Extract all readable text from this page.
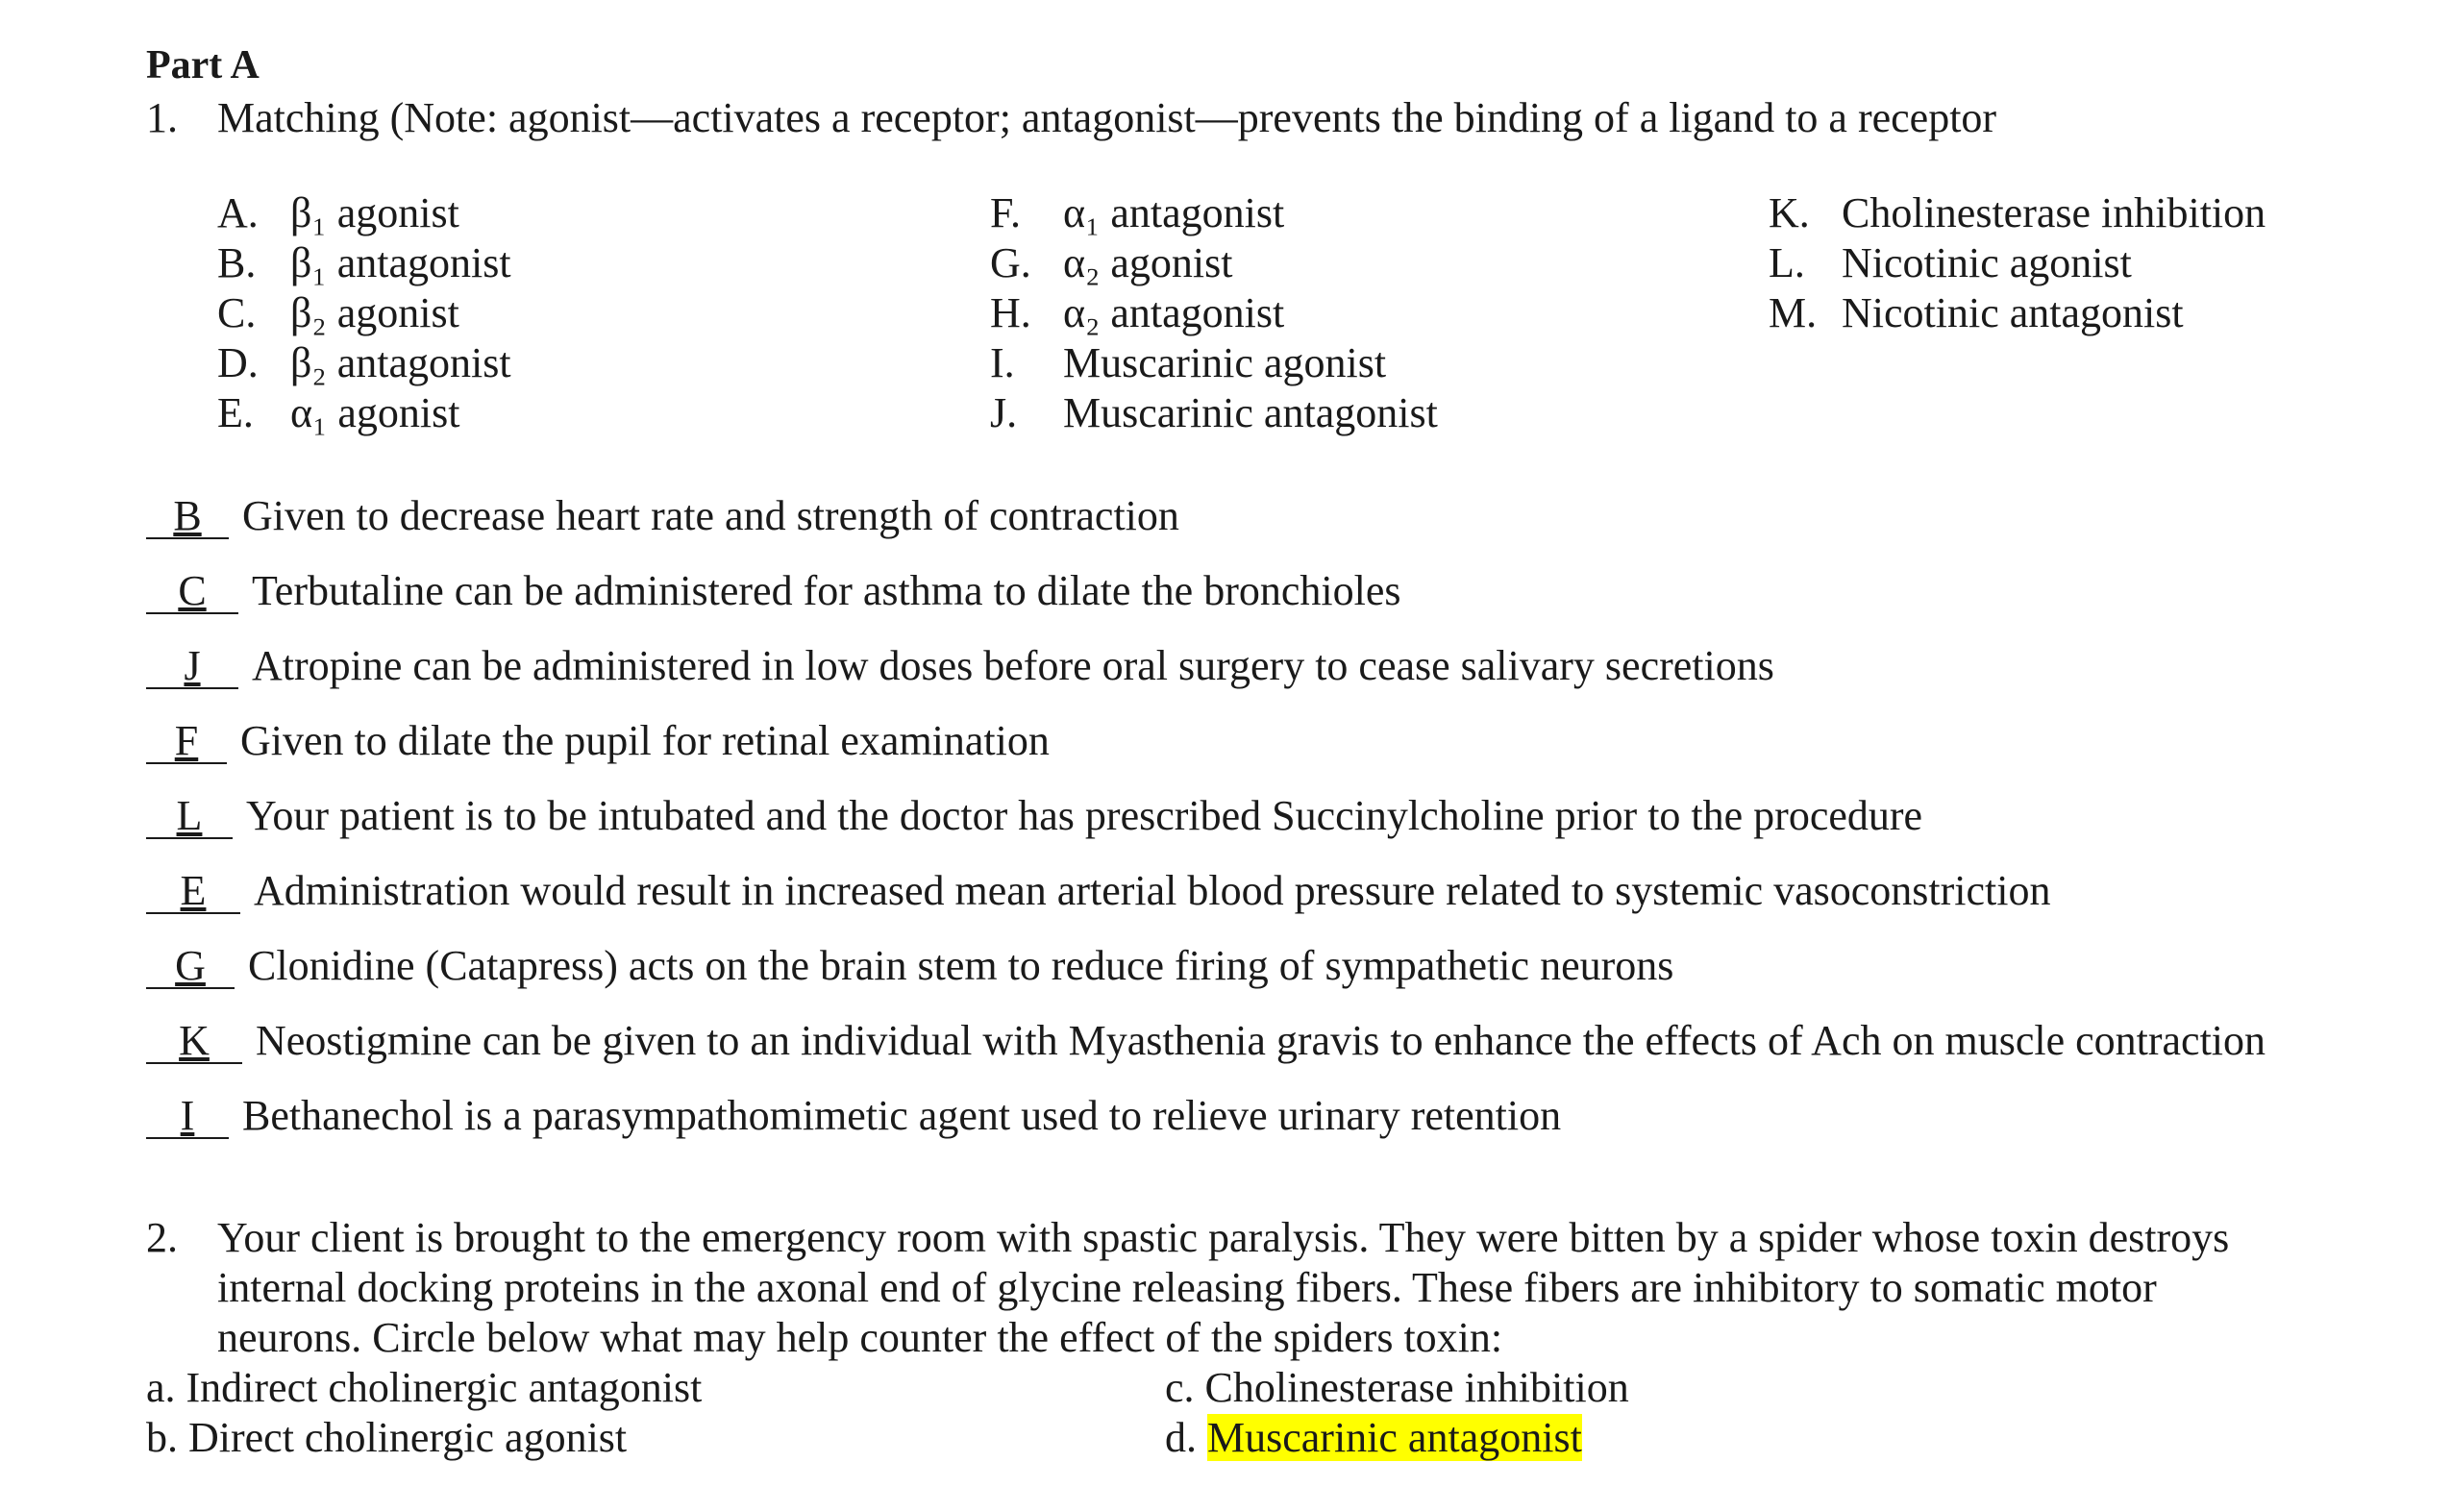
Part A
1. Matching (Note: agonist—activates a receptor; antagonist—prevents the binding of a ligand to a receptor
A. β₁ agonist
B. β₁ antagonist
C. β₂ agonist
D. β₂ antagonist
E. α₁ agonist
F. α₁ antagonist
G. α₂ agonist
H. α₂ antagonist
I. Muscarinic agonist
J. Muscarinic antagonist
K. Cholinesterase inhibition
L. Nicotinic agonist
M. Nicotinic antagonist
B Given to decrease heart rate and strength of contraction
C Terbutaline can be administered for asthma to dilate the bronchioles
J Atropine can be administered in low doses before oral surgery to cease salivary secretions
F Given to dilate the pupil for retinal examination
L Your patient is to be intubated and the doctor has prescribed Succinylcholine prior to the procedure
E Administration would result in increased mean arterial blood pressure related to systemic vasoconstriction
G Clonidine (Catapress) acts on the brain stem to reduce firing of sympathetic neurons
K Neostigmine can be given to an individual with Myasthenia gravis to enhance the effects of Ach on muscle contraction
I Bethanechol is a parasympathomimetic agent used to relieve urinary retention
2. Your client is brought to the emergency room with spastic paralysis. They were bitten by a spider whose toxin destroys
internal docking proteins in the axonal end of glycine releasing fibers. These fibers are inhibitory to somatic motor
neurons. Circle below what may help counter the effect of the spiders toxin:
a. Indirect cholinergic antagonist	c. Cholinesterase inhibition
b. Direct cholinergic agonist	d. Muscarinic antagonist
